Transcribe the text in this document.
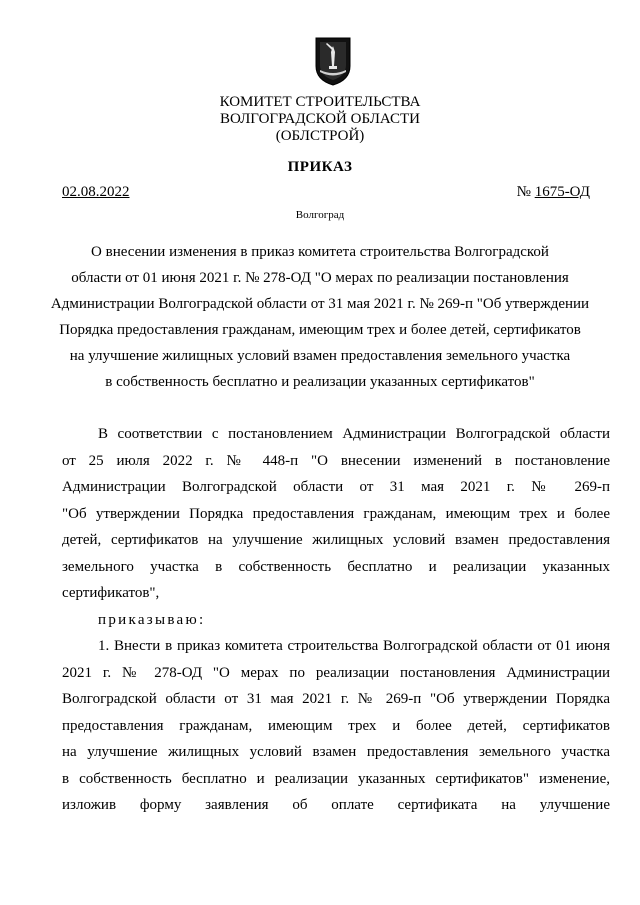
КОМИТЕТ СТРОИТЕЛЬСТВА
ВОЛГОГРАДСКОЙ ОБЛАСТИ
(ОБЛСТРОЙ)
ПРИКАЗ
02.08.2022	№ 1675-ОД
Волгоград
О внесении изменения в приказ комитета строительства Волгоградской
области от 01 июня 2021 г. № 278-ОД "О мерах по реализации постановления
Администрации Волгоградской области от 31 мая 2021 г. № 269-п "Об утверждении
Порядка предоставления гражданам, имеющим трех и более детей, сертификатов
на улучшение жилищных условий взамен предоставления земельного участка
в собственность бесплатно и реализации указанных сертификатов"
В соответствии с постановлением Администрации Волгоградской области
от 25 июля 2022 г. № 448-п "О внесении изменений в постановление
Администрации Волгоградской области от 31 мая 2021 г. № 269-п
"Об утверждении Порядка предоставления гражданам, имеющим трех и более
детей, сертификатов на улучшение жилищных условий взамен предоставления
земельного участка в собственность бесплатно и реализации указанных
сертификатов",
приказываю:
1. Внести в приказ комитета строительства Волгоградской области от 01 июня
2021 г. № 278-ОД "О мерах по реализации постановления Администрации
Волгоградской области от 31 мая 2021 г. № 269-п "Об утверждении Порядка
предоставления гражданам, имеющим трех и более детей, сертификатов
на улучшение жилищных условий взамен предоставления земельного участка
в собственность бесплатно и реализации указанных сертификатов" изменение,
изложив форму заявления об оплате сертификата на улучшение
